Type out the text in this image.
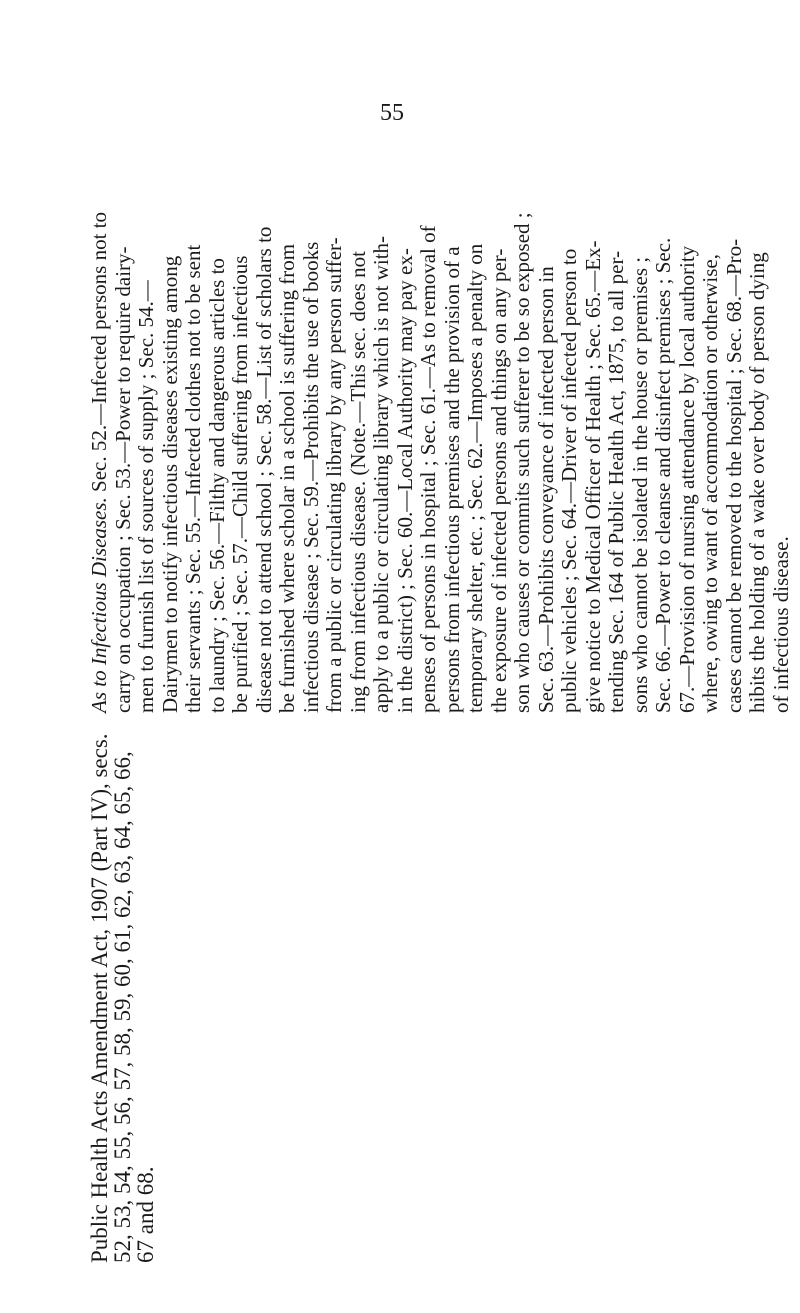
55
Public Health Acts Amendment Act, 1907 (Part IV), secs.
52, 53, 54, 55, 56, 57, 58, 59, 60, 61, 62, 63, 64, 65, 66,
67 and 68.
As to Infectious Diseases. Sec. 52.—Infected persons not to carry on occupation ; Sec. 53.—Power to require dairy- men to furnish list of sources of supply ; Sec. 54.— Dairymen to notify infectious diseases existing among their servants ; Sec. 55.—Infected clothes not to be sent to laundry ; Sec. 56.—Filthy and dangerous articles to be purified ; Sec. 57.—Child suffering from infectious disease not to attend school ; Sec. 58.—List of scholars to be furnished where scholar in a school is suffering from infectious disease ; Sec. 59.—Prohibits the use of books from a public or circulating library by any person suffer- ing from infectious disease. (Note.—This sec. does not apply to a public or circulating library which is not with- in the district) ; Sec. 60.—Local Authority may pay ex- penses of persons in hospital ; Sec. 61.—As to removal of persons from infectious premises and the provision of a temporary shelter, etc. ; Sec. 62.—Imposes a penalty on the exposure of infected persons and things on any per- son who causes or commits such sufferer to be so exposed ; Sec. 63.—Prohibits conveyance of infected person in public vehicles ; Sec. 64.—Driver of infected person to give notice to Medical Officer of Health ; Sec. 65.—Ex- tending Sec. 164 of Public Health Act, 1875, to all per- sons who cannot be isolated in the house or premises ; Sec. 66.—Power to cleanse and disinfect premises ; Sec. 67.—Provision of nursing attendance by local authority where, owing to want of accommodation or otherwise, cases cannot be removed to the hospital ; Sec. 68.—Pro- hibits the holding of a wake over body of person dying of infectious disease.
